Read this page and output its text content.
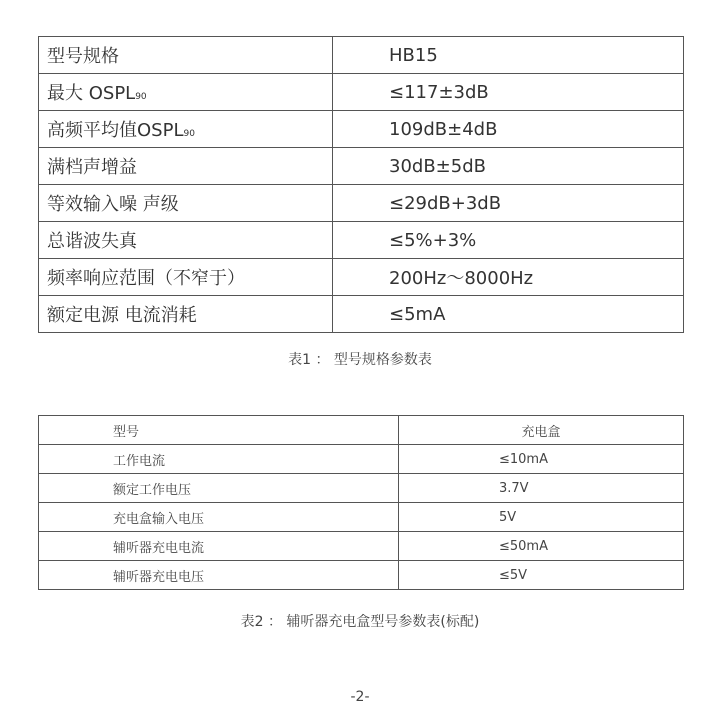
型号规格	HB15
最大 OSPL90	≤117±3dB
高频平均值OSPL90	109dB±4dB
满档声增益	30dB±5dB
等效输入噪 声级	≤29dB+3dB
总谐波失真	≤5%+3%
频率响应范围（不窄于）	200Hz〜8000Hz
额定电源 电流消耗	≤5mA
表1 ： 型号规格参数表
型号	充电盒
工作电流	≤10mA
额定工作电压	3.7V
充电盒输入电压	5V
辅听器充电电流	≤50mA
辅听器充电电压	≤5V
表2 ： 辅听器充电盒型号参数表(标配)
-2-
